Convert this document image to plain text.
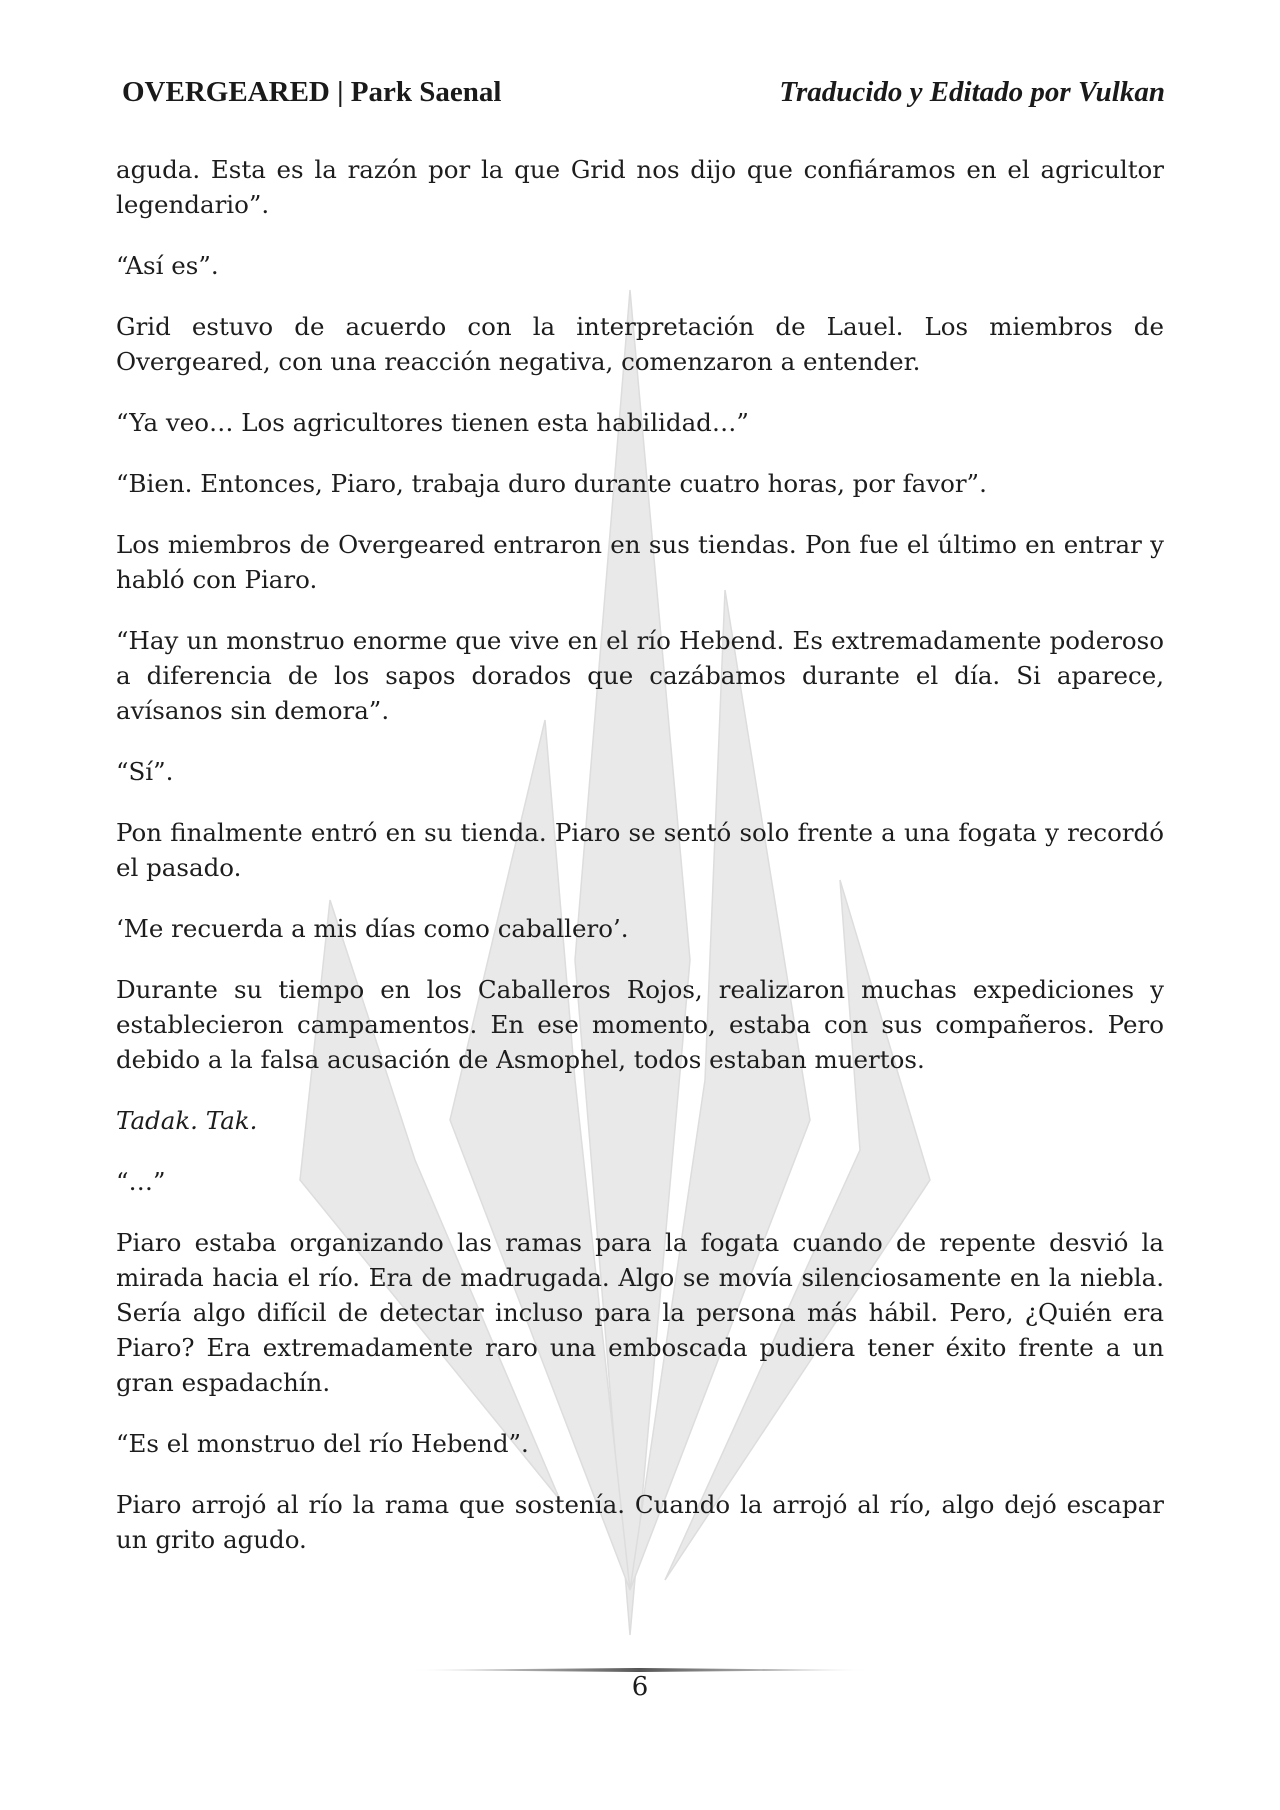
OVERGEARED | Park Saenal	Traducido y Editado por Vulkan

aguda. Esta es la razón por la que Grid nos dijo que confiáramos en el agricultor legendario”.

“Así es”.

Grid estuvo de acuerdo con la interpretación de Lauel. Los miembros de Overgeared, con una reacción negativa, comenzaron a entender.

“Ya veo… Los agricultores tienen esta habilidad…”

“Bien. Entonces, Piaro, trabaja duro durante cuatro horas, por favor”.

Los miembros de Overgeared entraron en sus tiendas. Pon fue el último en entrar y habló con Piaro.

“Hay un monstruo enorme que vive en el río Hebend. Es extremadamente poderoso a diferencia de los sapos dorados que cazábamos durante el día. Si aparece, avísanos sin demora”.

“Sí”.

Pon finalmente entró en su tienda. Piaro se sentó solo frente a una fogata y recordó el pasado.

‘Me recuerda a mis días como caballero’.

Durante su tiempo en los Caballeros Rojos, realizaron muchas expediciones y establecieron campamentos. En ese momento, estaba con sus compañeros. Pero debido a la falsa acusación de Asmophel, todos estaban muertos.

Tadak. Tak.

“…”

Piaro estaba organizando las ramas para la fogata cuando de repente desvió la mirada hacia el río. Era de madrugada. Algo se movía silenciosamente en la niebla. Sería algo difícil de detectar incluso para la persona más hábil. Pero, ¿Quién era Piaro? Era extremadamente raro una emboscada pudiera tener éxito frente a un gran espadachín.

“Es el monstruo del río Hebend”.

Piaro arrojó al río la rama que sostenía. Cuando la arrojó al río, algo dejó escapar un grito agudo.

6
